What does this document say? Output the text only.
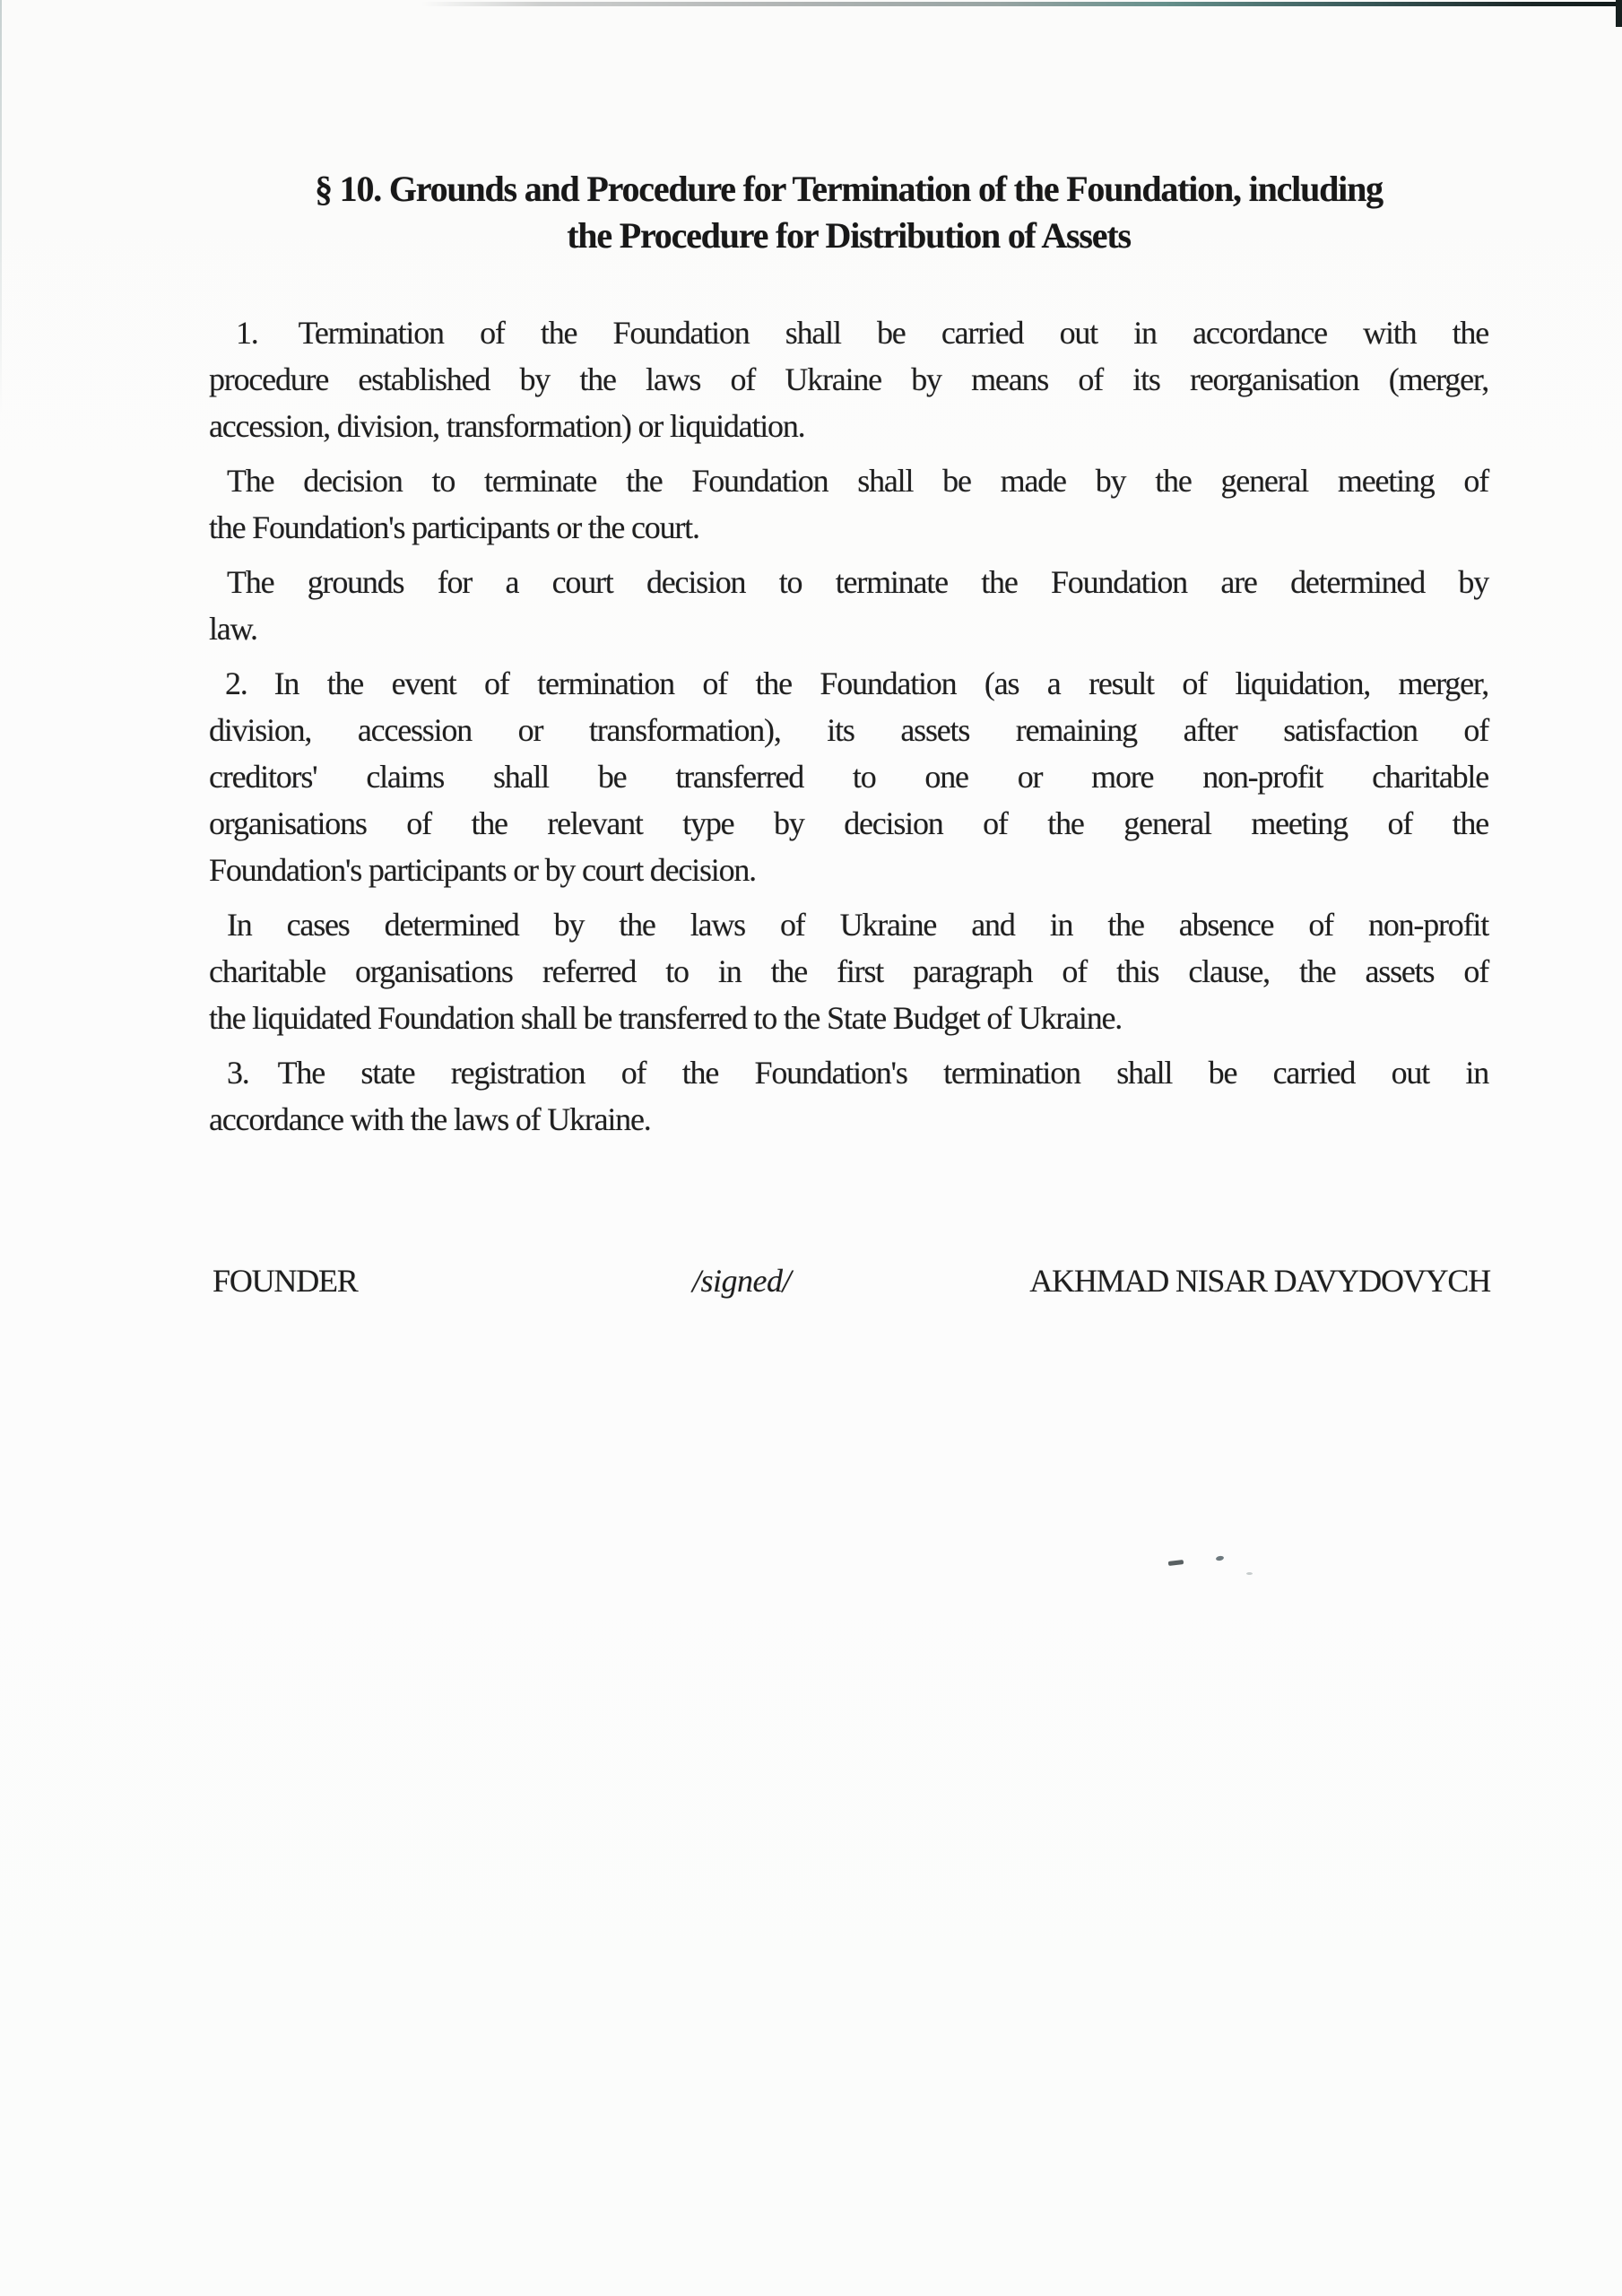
§ 10. Grounds and Procedure for Termination of the Foundation, including
the Procedure for Distribution of Assets
1. Termination of the Foundation shall be carried out in accordance with the
procedure established by the laws of Ukraine by means of its reorganisation (merger,
accession, division, transformation) or liquidation.
The decision to terminate the Foundation shall be made by the general meeting of
the Foundation's participants or the court.
The grounds for a court decision to terminate the Foundation are determined by
law.
2. In the event of termination of the Foundation (as a result of liquidation, merger,
division, accession or transformation), its assets remaining after satisfaction of
creditors' claims shall be transferred to one or more non-profit charitable
organisations of the relevant type by decision of the general meeting of the
Foundation's participants or by court decision.
In cases determined by the laws of Ukraine and in the absence of non-profit
charitable organisations referred to in the first paragraph of this clause, the assets of
the liquidated Foundation shall be transferred to the State Budget of Ukraine.
3. The state registration of the Foundation's termination shall be carried out in
accordance with the laws of Ukraine.
FOUNDER	/signed/	AKHMAD NISAR DAVYDOVYCH
